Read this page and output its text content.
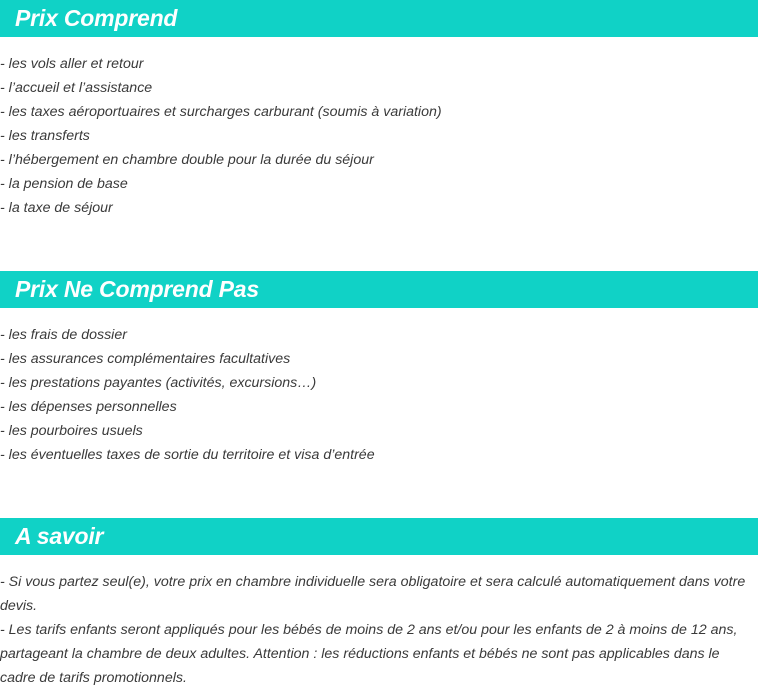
Prix Comprend
- les vols aller et retour
- l’accueil et l’assistance
- les taxes aéroportuaires et surcharges carburant (soumis à variation)
- les transferts
- l’hébergement en chambre double pour la durée du séjour
- la pension de base
- la taxe de séjour
Prix Ne Comprend Pas
- les frais de dossier
- les assurances complémentaires facultatives
- les prestations payantes (activités, excursions…)
- les dépenses personnelles
- les pourboires usuels
- les éventuelles taxes de sortie du territoire et visa d’entrée
A savoir

- Si vous partez seul(e), votre prix en chambre individuelle sera obligatoire et sera calculé automatiquement dans votre devis.

- Les tarifs enfants seront appliqués pour les bébés de moins de 2 ans et/ou pour les enfants de 2 à moins de 12 ans, partageant la chambre de deux adultes. Attention : les réductions enfants et bébés ne sont pas applicables dans le cadre de tarifs promotionnels.
